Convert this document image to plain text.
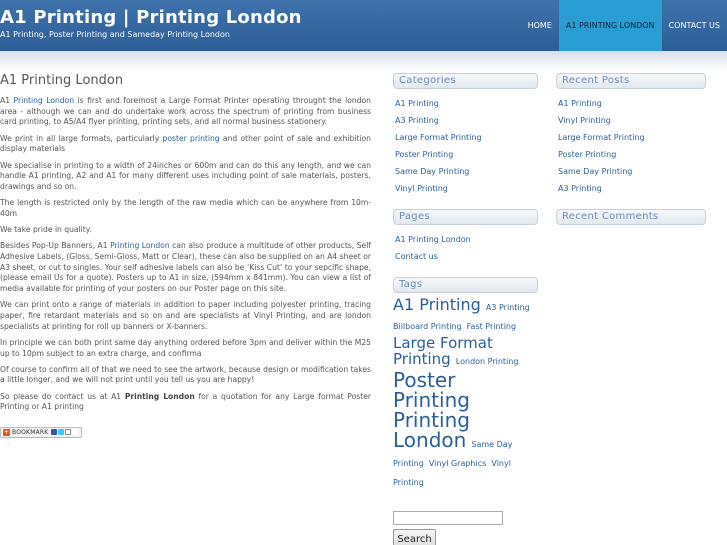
A1 Printing | Printing London
A1 Printing, Poster Printing and Sameday Printing London
HOME	A1 PRINTING LONDON	CONTACT US
A1 Printing London

A1 Printing London is first and foremost a Large Format Printer operating throught the london area - although we can and do undertake work across the spectrum of printing from business card printing, to A5/A4 flyer printing, printing sets, and all normal business stationery.

We print in all large formats, particularly poster printing and other point of sale and exhibition display materials

We specialise in printing to a width of 24inches or 600m and can do this any length, and we can handle A1 printing, A2 and A1 for many different uses including point of sale materials, posters, drawings and so on.

The length is restricted only by the length of the raw media which can be anywhere from 10m-40m

We take pride in quality.

Besides Pop-Up Banners, A1 Printing London can also produce a multitude of other products, Self Adhesive Labels, (Gloss, Semi-Gloss, Matt or Clear), these can also be supplied on an A4 sheet or A3 sheet, or cut to singles. Your self adhesive labels can also be ‘Kiss Cut’ to your sepcific shape, (please email Us for a quote). Posters up to A1 in size, (594mm x 841mm). You can view a list of media available for printing of your posters on our Poster page on this site.

We can print onto a range of materials in addition to paper including polyester printing, tracing paper, fire retardant materials and so on and are specialists at Vinyl Printing, and are london specialists at printing for roll up banners or X-banners.

In principle we can both print same day anything ordered before 3pm and deliver within the M25 up to 10pm subject to an extra charge, and confirma

Of course to confirm all of that we need to see the artwork, because design or modification takes a little longer, and we will not print until you tell us you are happy!

So please do contact us at A1 Printing London for a quotation for any Large format Poster Printing or A1 printing

+ BOOKMARK
Categories
A1 Printing
A3 Printing
Large Format Printing
Poster Printing
Same Day Printing
Vinyl Printing
Pages
A1 Printing London
Contact us
Tags
A1 Printing A3 Printing Billboard Printing Fast Printing Large Format Printing London Printing Poster Printing Printing London Same Day Printing Vinyl Graphics Vinyl Printing
Search
Recent Posts
A1 Printing
Vinyl Printing
Large Format Printing
Poster Printing
Same Day Printing
A3 Printing
Recent Comments
